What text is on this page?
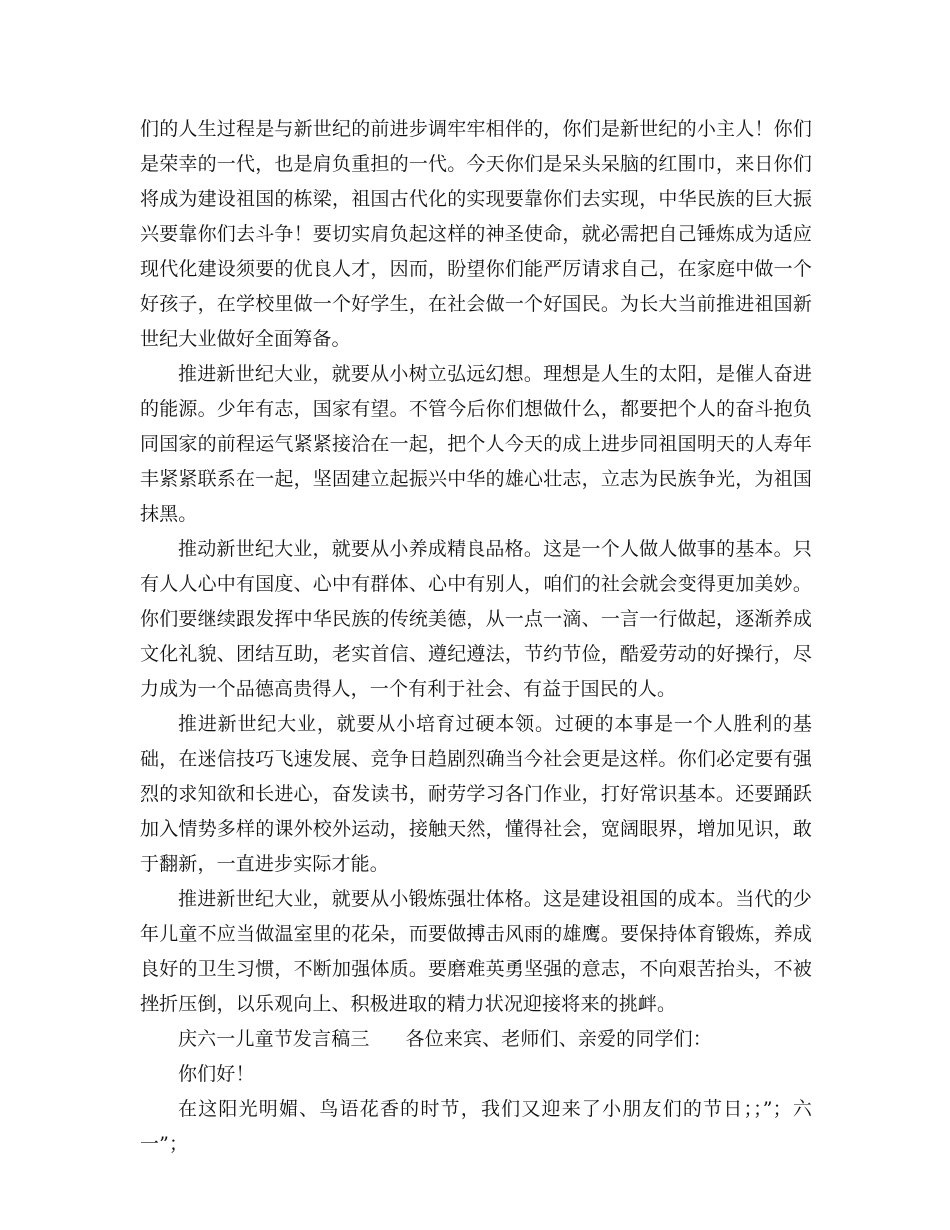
们的人生过程是与新世纪的前进步调牢牢相伴的，你们是新世纪的小主人！你们是荣幸的一代，也是肩负重担的一代。今天你们是呆头呆脑的红围巾，来日你们将成为建设祖国的栋梁，祖国古代化的实现要靠你们去实现，中华民族的巨大振兴要靠你们去斗争！要切实肩负起这样的神圣使命，就必需把自己锤炼成为适应现代化建设须要的优良人才，因而，盼望你们能严厉请求自己，在家庭中做一个好孩子，在学校里做一个好学生，在社会做一个好国民。为长大当前推进祖国新世纪大业做好全面筹备。

推进新世纪大业，就要从小树立弘远幻想。理想是人生的太阳，是催人奋进的能源。少年有志，国家有望。不管今后你们想做什么，都要把个人的奋斗抱负同国家的前程运气紧紧接洽在一起，把个人今天的成上进步同祖国明天的人寿年丰紧紧联系在一起，坚固建立起振兴中华的雄心壮志，立志为民族争光，为祖国抹黑。

推动新世纪大业，就要从小养成精良品格。这是一个人做人做事的基本。只有人人心中有国度、心中有群体、心中有别人，咱们的社会就会变得更加美妙。你们要继续跟发挥中华民族的传统美德，从一点一滴、一言一行做起，逐渐养成文化礼貌、团结互助，老实首信、遵纪遵法，节约节俭，酷爱劳动的好操行，尽力成为一个品德高贵得人，一个有利于社会、有益于国民的人。

推进新世纪大业，就要从小培育过硬本领。过硬的本事是一个人胜利的基础，在迷信技巧飞速发展、竞争日趋剧烈确当今社会更是这样。你们必定要有强烈的求知欲和长进心，奋发读书，耐劳学习各门作业，打好常识基本。还要踊跃加入情势多样的课外校外运动，接触天然，懂得社会，宽阔眼界，增加见识，敢于翻新，一直进步实际才能。

推进新世纪大业，就要从小锻炼强壮体格。这是建设祖国的成本。当代的少年儿童不应当做温室里的花朵，而要做搏击风雨的雄鹰。要保持体育锻炼，养成良好的卫生习惯，不断加强体质。要磨难英勇坚强的意志，不向艰苦抬头，不被挫折压倒，以乐观向上、积极进取的精力状况迎接将来的挑衅。

庆六一儿童节发言稿三 各位来宾、老师们、亲爱的同学们：

你们好！

在这阳光明媚、鸟语花香的时节，我们又迎来了小朋友们的节日；；”；六一”；
